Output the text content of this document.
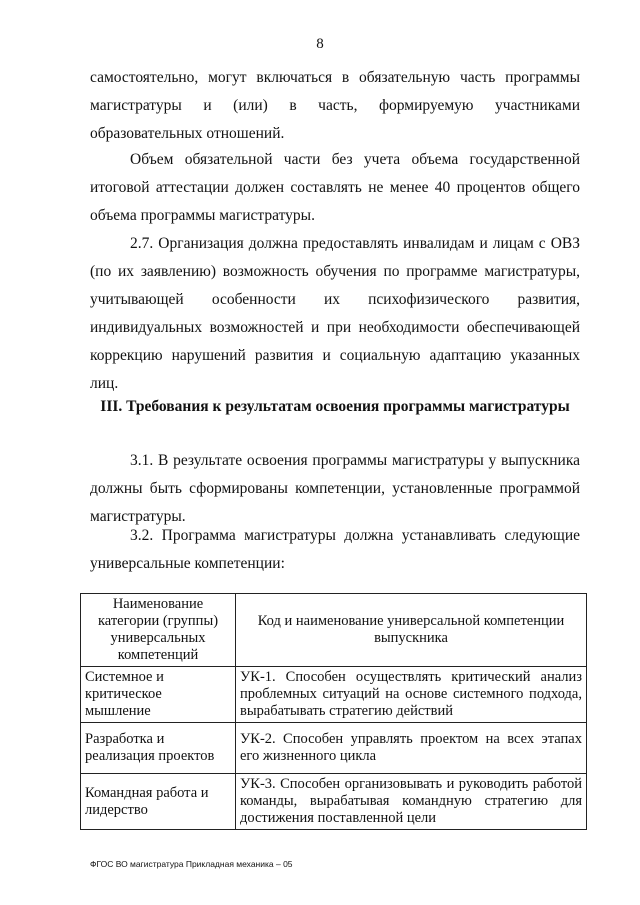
8

самостоятельно, могут включаться в обязательную часть программы магистратуры и (или) в часть, формируемую участниками образовательных отношений.

Объем обязательной части без учета объема государственной итоговой аттестации должен составлять не менее 40 процентов общего объема программы магистратуры.

2.7. Организация должна предоставлять инвалидам и лицам с ОВЗ (по их заявлению) возможность обучения по программе магистратуры, учитывающей особенности их психофизического развития, индивидуальных возможностей и при необходимости обеспечивающей коррекцию нарушений развития и социальную адаптацию указанных лиц.

III. Требования к результатам освоения программы магистратуры

3.1. В результате освоения программы магистратуры у выпускника должны быть сформированы компетенции, установленные программой магистратуры.

3.2. Программа магистратуры должна устанавливать следующие универсальные компетенции:

Наименование категории (группы) универсальных компетенций	Код и наименование универсальной компетенции выпускника
Системное и критическое мышление	УК-1. Способен осуществлять критический анализ проблемных ситуаций на основе системного подхода, вырабатывать стратегию действий
Разработка и реализация проектов	УК-2. Способен управлять проектом на всех этапах его жизненного цикла
Командная работа и лидерство	УК-3. Способен организовывать и руководить работой команды, вырабатывая командную стратегию для достижения поставленной цели
ФГОС ВО магистратура Прикладная механика – 05
